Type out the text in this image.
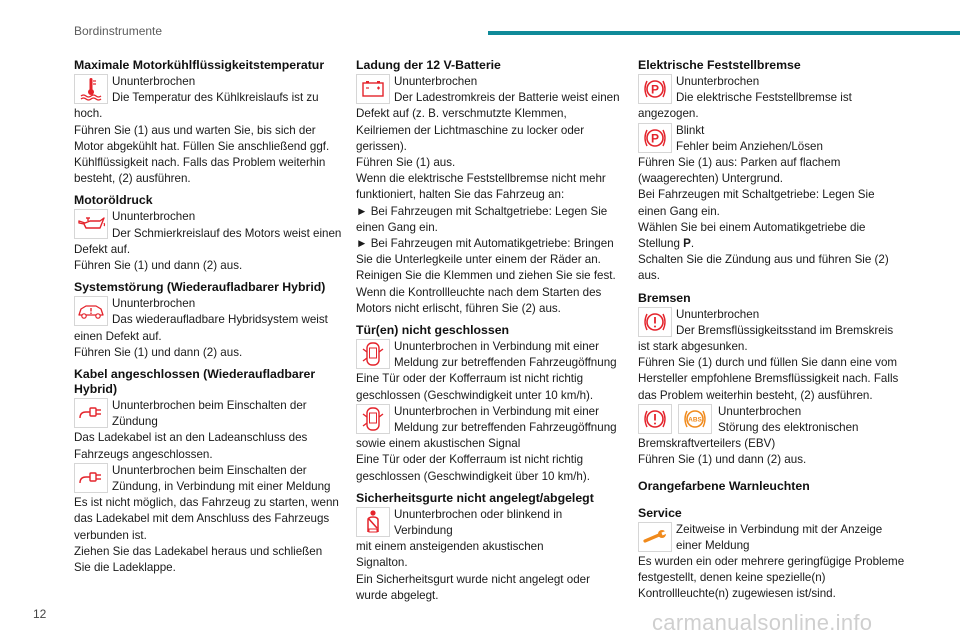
Bordinstrumente
Maximale Motorkühlflüssigkeitstemperatur

Ununterbrochen

Die Temperatur des Kühlkreislaufs ist zu

hoch.

Führen Sie (1) aus und warten Sie, bis sich der Motor abgekühlt hat. Füllen Sie anschließend ggf. Kühlflüssigkeit nach. Falls das Problem weiterhin besteht, (2) ausführen.

Motoröldruck

Ununterbrochen

Der Schmierkreislauf des Motors weist einen

Defekt auf.

Führen Sie (1) und dann (2) aus.

Systemstörung (Wiederaufladbarer Hybrid)

Ununterbrochen

Das wiederaufladbare Hybridsystem weist

einen Defekt auf.

Führen Sie (1) und dann (2) aus.

Kabel angeschlossen (Wiederaufladbarer Hybrid)

Ununterbrochen beim Einschalten der

Zündung

Das Ladekabel ist an den Ladeanschluss des Fahrzeugs angeschlossen.

Ununterbrochen beim Einschalten der

Zündung, in Verbindung mit einer Meldung

Es ist nicht möglich, das Fahrzeug zu starten, wenn das Ladekabel mit dem Anschluss des Fahrzeugs verbunden ist.

Ziehen Sie das Ladekabel heraus und schließen Sie die Ladeklappe.

Ladung der 12 V-Batterie

Ununterbrochen

Der Ladestromkreis der Batterie weist einen

Defekt auf (z. B. verschmutzte Klemmen, Keilriemen der Lichtmaschine zu locker oder gerissen).

Führen Sie (1) aus.

Wenn die elektrische Feststellbremse nicht mehr funktioniert, halten Sie das Fahrzeug an:

► Bei Fahrzeugen mit Schaltgetriebe: Legen Sie einen Gang ein.

► Bei Fahrzeugen mit Automatikgetriebe: Bringen Sie die Unterlegkeile unter einem der Räder an.

Reinigen Sie die Klemmen und ziehen Sie sie fest.

Wenn die Kontrollleuchte nach dem Starten des Motors nicht erlischt, führen Sie (2) aus.

Tür(en) nicht geschlossen

Ununterbrochen in Verbindung mit einer

Meldung zur betreffenden Fahrzeugöffnung

Eine Tür oder der Kofferraum ist nicht richtig geschlossen (Geschwindigkeit unter 10 km/h).

Ununterbrochen in Verbindung mit einer

Meldung zur betreffenden Fahrzeugöffnung

sowie einem akustischen Signal

Eine Tür oder der Kofferraum ist nicht richtig geschlossen (Geschwindigkeit über 10 km/h).

Sicherheitsgurte nicht angelegt/abgelegt

Ununterbrochen oder blinkend in Verbindung

mit einem ansteigenden akustischen

Signalton.

Ein Sicherheitsgurt wurde nicht angelegt oder wurde abgelegt.

Elektrische Feststellbremse
P

Ununterbrochen

Die elektrische Feststellbremse ist

angezogen.

P

Blinkt

Fehler beim Anziehen/Lösen

Führen Sie (1) aus: Parken auf flachem (waagerechten) Untergrund.

Bei Fahrzeugen mit Schaltgetriebe: Legen Sie einen Gang ein.

Wählen Sie bei einem Automatikgetriebe die Stellung P.

Schalten Sie die Zündung aus und führen Sie (2) aus.

Bremsen

Ununterbrochen

Der Bremsflüssigkeitsstand im Bremskreis

ist stark abgesunken.

Führen Sie (1) durch und füllen Sie dann eine vom Hersteller empfohlene Bremsflüssigkeit nach. Falls das Problem weiterhin besteht, (2) ausführen.

ABS

Ununterbrochen

Störung des elektronischen

Bremskraftverteilers (EBV)

Führen Sie (1) und dann (2) aus.

Orangefarbene Warnleuchten
Service

Zeitweise in Verbindung mit der Anzeige

einer Meldung

Es wurden ein oder mehrere geringfügige Probleme festgestellt, denen keine spezielle(n) Kontrollleuchte(n) zugewiesen ist/sind.

12	carmanualsonline.info
